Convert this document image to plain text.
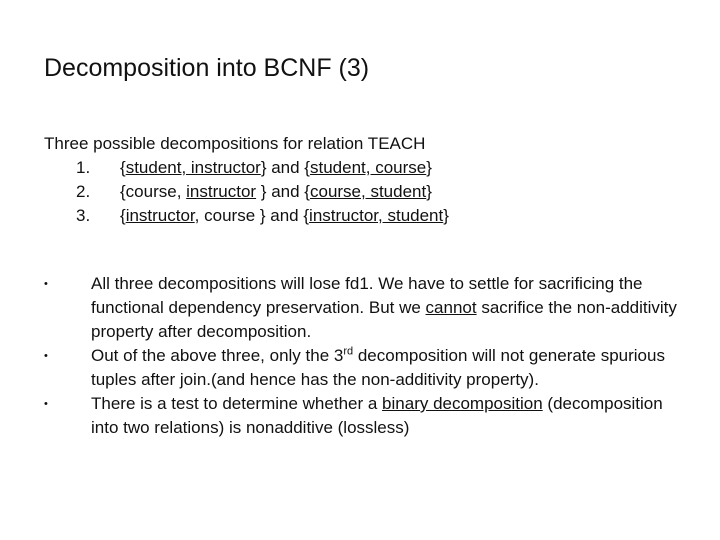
Decomposition into BCNF (3)
Three possible decompositions for relation TEACH
1. {student, instructor} and {student, course}
2. {course, instructor } and {course, student}
3. {instructor, course } and {instructor, student}
•	All three decompositions will lose fd1. We have to settle for sacrificing the functional dependency preservation. But we cannot sacrifice the non-additivity property after decomposition.
•	Out of the above three, only the 3rd decomposition will not generate spurious tuples after join.(and hence has the non-additivity property).
•	There is a test to determine whether a binary decomposition (decomposition into two relations) is nonadditive (lossless)
